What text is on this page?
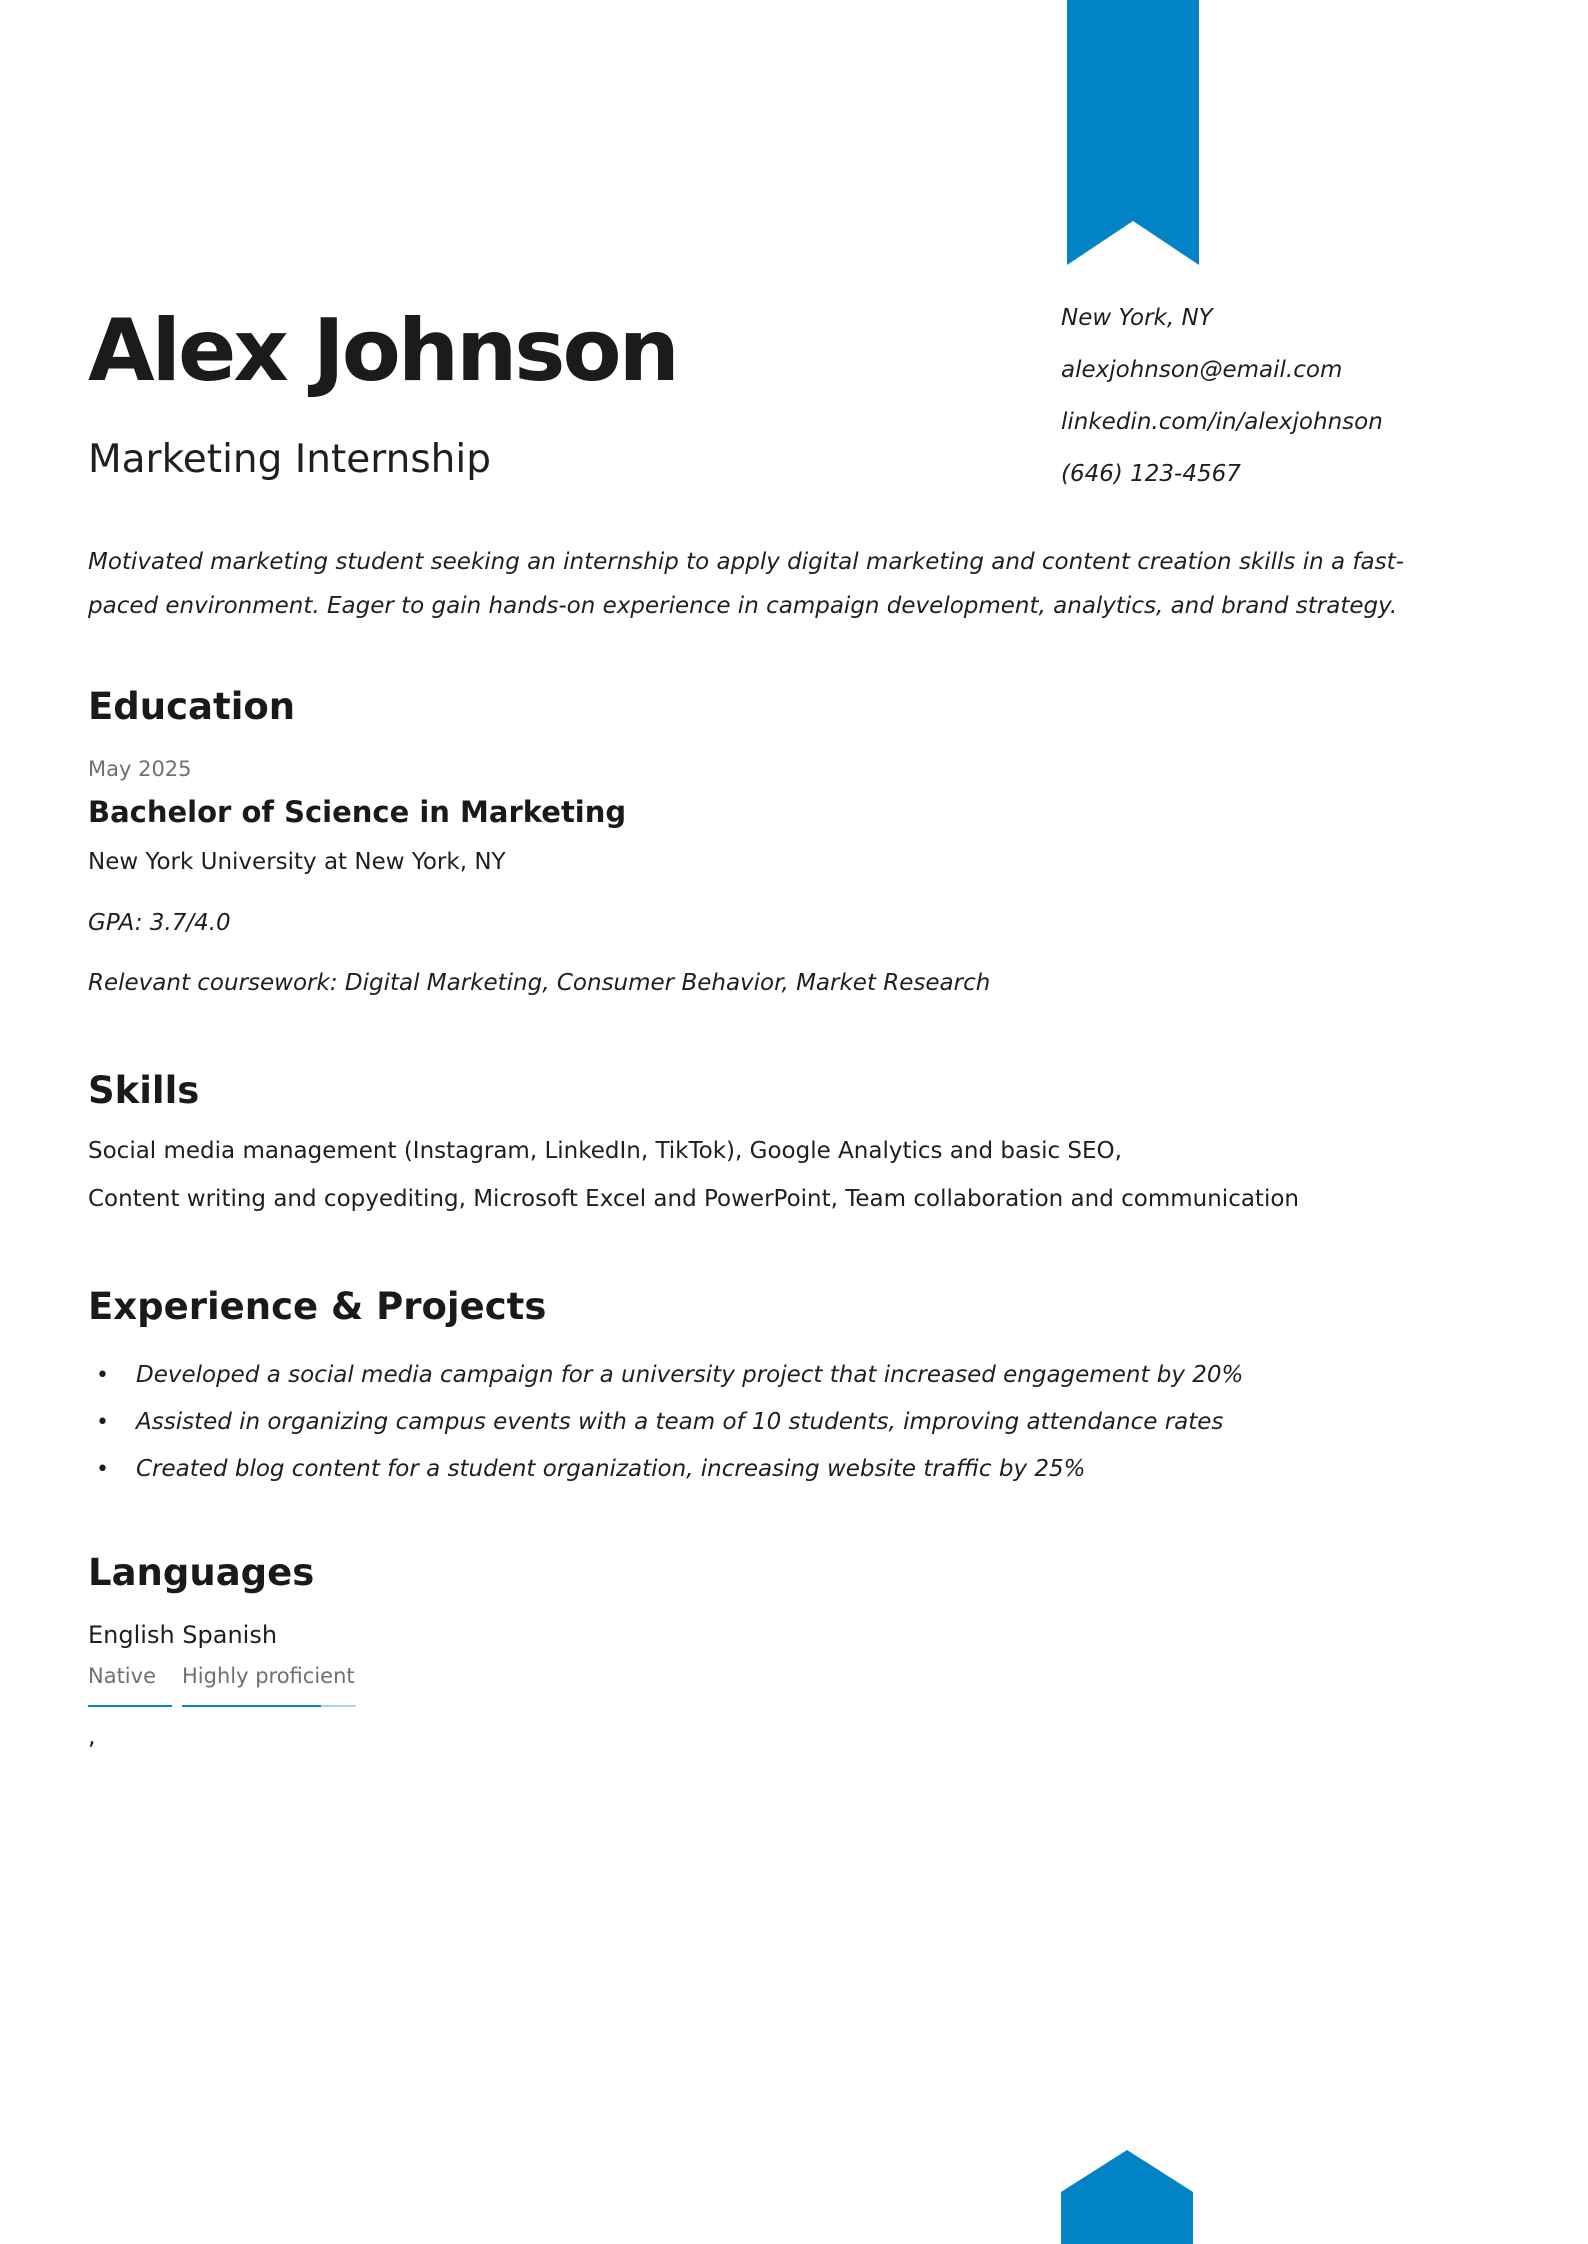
Alex Johnson
Marketing Internship
New York, NY
alexjohnson@email.com
linkedin.com/in/alexjohnson
(646) 123-4567

Motivated marketing student seeking an internship to apply digital marketing and content creation skills in a fast-paced environment. Eager to gain hands-on experience in campaign development, analytics, and brand strategy.

Education
May 2025
Bachelor of Science in Marketing
New York University at New York, NY
GPA: 3.7/4.0
Relevant coursework: Digital Marketing, Consumer Behavior, Market Research
Skills
Social media management (Instagram, LinkedIn, TikTok), Google Analytics and basic SEO,
Content writing and copyediting, Microsoft Excel and PowerPoint, Team collaboration and communication
Experience & Projects
• Developed a social media campaign for a university project that increased engagement by 20%
• Assisted in organizing campus events with a team of 10 students, improving attendance rates
• Created blog content for a student organization, increasing website traffic by 25%
Languages
English Spanish
Native Highly proficient
,
